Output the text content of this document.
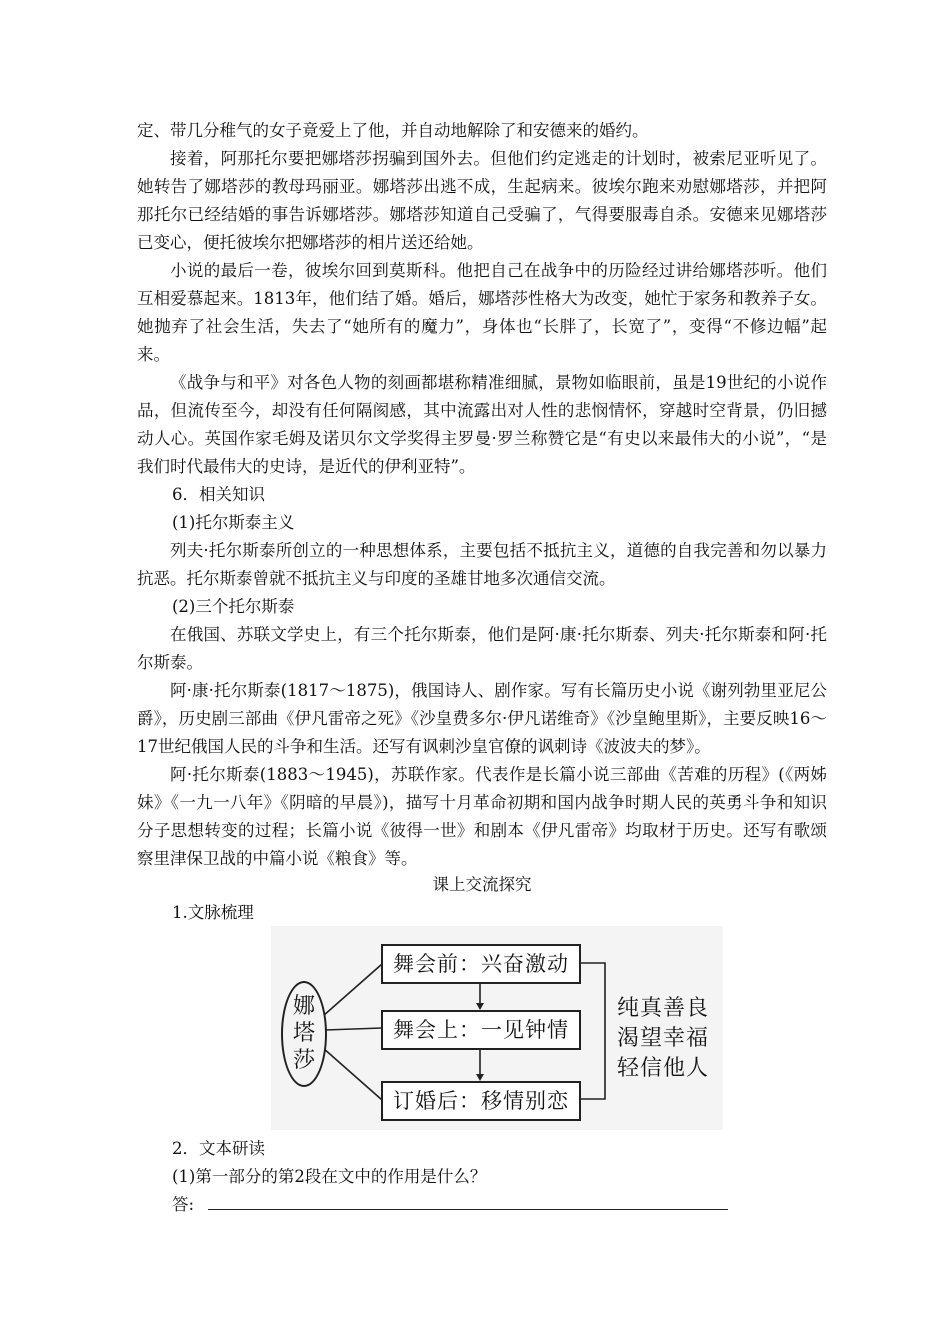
定、带几分稚气的女子竟爱上了他，并自动地解除了和安德来的婚约。

接着，阿那托尔要把娜塔莎拐骗到国外去。但他们约定逃走的计划时，被索尼亚听见了。她转告了娜塔莎的教母玛丽亚。娜塔莎出逃不成，生起病来。彼埃尔跑来劝慰娜塔莎，并把阿那托尔已经结婚的事告诉娜塔莎。娜塔莎知道自己受骗了，气得要服毒自杀。安德来见娜塔莎已变心，便托彼埃尔把娜塔莎的相片送还给她。

小说的最后一卷，彼埃尔回到莫斯科。他把自己在战争中的历险经过讲给娜塔莎听。他们互相爱慕起来。1813年，他们结了婚。婚后，娜塔莎性格大为改变，她忙于家务和教养子女。她抛弃了社会生活，失去了“她所有的魔力”，身体也“长胖了，长宽了”，变得“不修边幅”起来。

《战争与和平》对各色人物的刻画都堪称精准细腻，景物如临眼前，虽是19世纪的小说作品，但流传至今，却没有任何隔阂感，其中流露出对人性的悲悯情怀，穿越时空背景，仍旧撼动人心。英国作家毛姆及诺贝尔文学奖得主罗曼·罗兰称赞它是“有史以来最伟大的小说”，“是我们时代最伟大的史诗，是近代的伊利亚特”。

6．相关知识

(1)托尔斯泰主义

列夫·托尔斯泰所创立的一种思想体系，主要包括不抵抗主义，道德的自我完善和勿以暴力抗恶。托尔斯泰曾就不抵抗主义与印度的圣雄甘地多次通信交流。

(2)三个托尔斯泰

在俄国、苏联文学史上，有三个托尔斯泰，他们是阿·康·托尔斯泰、列夫·托尔斯泰和阿·托尔斯泰。

阿·康·托尔斯泰(1817～1875)，俄国诗人、剧作家。写有长篇历史小说《谢列勃里亚尼公爵》，历史剧三部曲《伊凡雷帝之死》《沙皇费多尔·伊凡诺维奇》《沙皇鲍里斯》，主要反映16～17世纪俄国人民的斗争和生活。还写有讽刺沙皇官僚的讽刺诗《波波夫的梦》。

阿·托尔斯泰(1883～1945)，苏联作家。代表作是长篇小说三部曲《苦难的历程》(《两姊妹》《一九一八年》《阴暗的早晨》)，描写十月革命初期和国内战争时期人民的英勇斗争和知识分子思想转变的过程；长篇小说《彼得一世》和剧本《伊凡雷帝》均取材于历史。还写有歌颂察里津保卫战的中篇小说《粮食》等。

课上交流探究

1.文脉梳理

娜
塔
莎
舞会前：兴奋激动
舞会上：一见钟情
订婚后：移情别恋
纯真善良
渴望幸福
轻信他人

2．文本研读

(1)第一部分的第2段在文中的作用是什么？

答:
